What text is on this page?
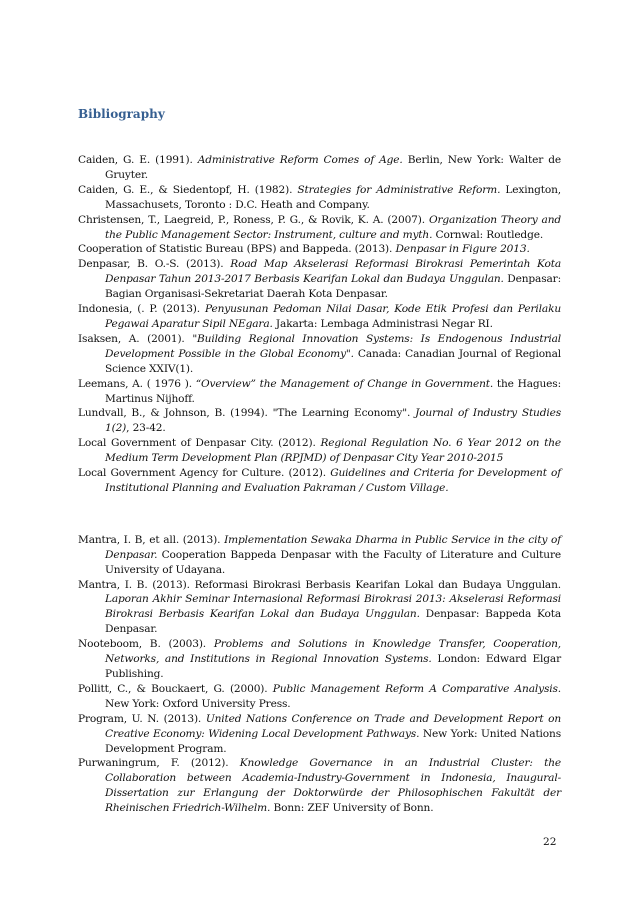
Bibliography

Caiden, G. E. (1991). Administrative Reform Comes of Age. Berlin, New York: Walter de Gruyter.

Caiden, G. E., & Siedentopf, H. (1982). Strategies for Administrative Reform. Lexington, Massachusets, Toronto : D.C. Heath and Company.

Christensen, T., Laegreid, P., Roness, P. G., & Rovik, K. A. (2007). Organization Theory and the Public Management Sector: Instrument, culture and myth. Cornwal: Routledge.

Cooperation of Statistic Bureau (BPS) and Bappeda. (2013). Denpasar in Figure 2013.

Denpasar, B. O.-S. (2013). Road Map Akselerasi Reformasi Birokrasi Pemerintah Kota Denpasar Tahun 2013-2017 Berbasis Kearifan Lokal dan Budaya Unggulan. Denpasar: Bagian Organisasi-Sekretariat Daerah Kota Denpasar.

Indonesia, (. P. (2013). Penyusunan Pedoman Nilai Dasar, Kode Etik Profesi dan Perilaku Pegawai Aparatur Sipil NEgara. Jakarta: Lembaga Administrasi Negar RI.

Isaksen, A. (2001). "Building Regional Innovation Systems: Is Endogenous Industrial Development Possible in the Global Economy". Canada: Canadian Journal of Regional Science XXIV(1).

Leemans, A. ( 1976 ). “Overview” the Management of Change in Government. the Hagues: Martinus Nijhoff.

Lundvall, B., & Johnson, B. (1994). "The Learning Economy". Journal of Industry Studies 1(2), 23-42.

Local Government of Denpasar City. (2012). Regional Regulation No. 6 Year 2012 on the Medium Term Development Plan (RPJMD) of Denpasar City Year 2010-2015

Local Government Agency for Culture. (2012). Guidelines and Criteria for Development of Institutional Planning and Evaluation Pakraman / Custom Village.

Mantra, I. B, et all. (2013). Implementation Sewaka Dharma in Public Service in the city of Denpasar. Cooperation Bappeda Denpasar with the Faculty of Literature and Culture University of Udayana.

Mantra, I. B. (2013). Reformasi Birokrasi Berbasis Kearifan Lokal dan Budaya Unggulan. Laporan Akhir Seminar Internasional Reformasi Birokrasi 2013: Akselerasi Reformasi Birokrasi Berbasis Kearifan Lokal dan Budaya Unggulan. Denpasar: Bappeda Kota Denpasar.

Nooteboom, B. (2003). Problems and Solutions in Knowledge Transfer, Cooperation, Networks, and Institutions in Regional Innovation Systems. London: Edward Elgar Publishing.

Pollitt, C., & Bouckaert, G. (2000). Public Management Reform A Comparative Analysis. New York: Oxford University Press.

Program, U. N. (2013). United Nations Conference on Trade and Development Report on Creative Economy: Widening Local Development Pathways. New York: United Nations Development Program.

Purwaningrum, F. (2012). Knowledge Governance in an Industrial Cluster: the Collaboration between Academia-Industry-Government in Indonesia, Inaugural-Dissertation zur Erlangung der Doktorwürde der Philosophischen Fakultät der Rheinischen Friedrich-Wilhelm. Bonn: ZEF University of Bonn.

22
